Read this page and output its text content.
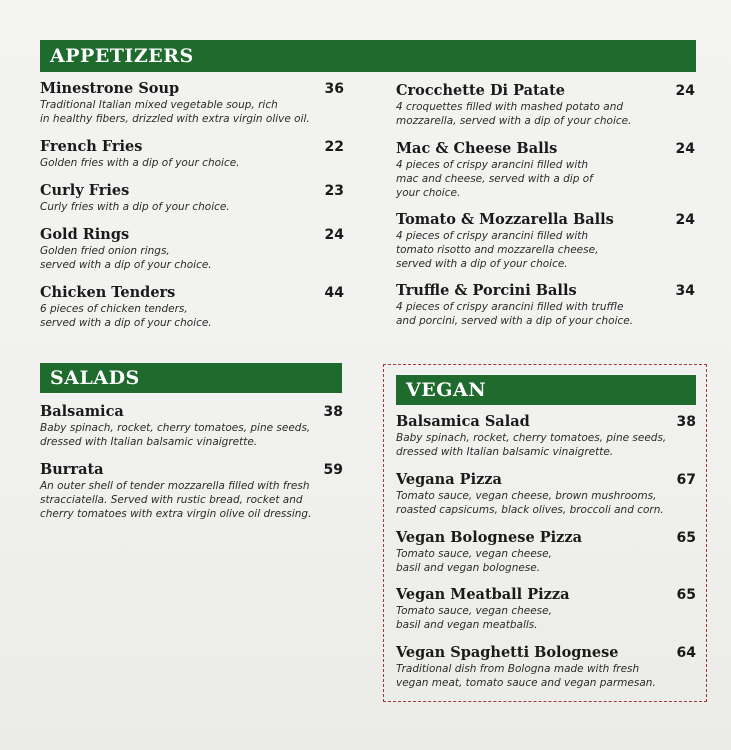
APPETIZERS
Minestrone Soup	36
Traditional Italian mixed vegetable soup, rich
in healthy fibers, drizzled with extra virgin olive oil.
French Fries	22
Golden fries with a dip of your choice.
Curly Fries	23
Curly fries with a dip of your choice.
Gold Rings	24
Golden fried onion rings,
served with a dip of your choice.
Chicken Tenders	44
6 pieces of chicken tenders,
served with a dip of your choice.
Crocchette Di Patate	24
4 croquettes filled with mashed potato and
mozzarella, served with a dip of your choice.
Mac & Cheese Balls	24
4 pieces of crispy arancini filled with
mac and cheese, served with a dip of
your choice.
Tomato & Mozzarella Balls	24
4 pieces of crispy arancini filled with
tomato risotto and mozzarella cheese,
served with a dip of your choice.
Truffle & Porcini Balls	34
4 pieces of crispy arancini filled with truffle
and porcini, served with a dip of your choice.
SALADS
Balsamica	38
Baby spinach, rocket, cherry tomatoes, pine seeds,
dressed with Italian balsamic vinaigrette.
Burrata	59
An outer shell of tender mozzarella filled with fresh
stracciatella. Served with rustic bread, rocket and
cherry tomatoes with extra virgin olive oil dressing.
VEGAN
Balsamica Salad	38
Baby spinach, rocket, cherry tomatoes, pine seeds,
dressed with Italian balsamic vinaigrette.
Vegana Pizza	67
Tomato sauce, vegan cheese, brown mushrooms,
roasted capsicums, black olives, broccoli and corn.
Vegan Bolognese Pizza	65
Tomato sauce, vegan cheese,
basil and vegan bolognese.
Vegan Meatball Pizza	65
Tomato sauce, vegan cheese,
basil and vegan meatballs.
Vegan Spaghetti Bolognese	64
Traditional dish from Bologna made with fresh
vegan meat, tomato sauce and vegan parmesan.
